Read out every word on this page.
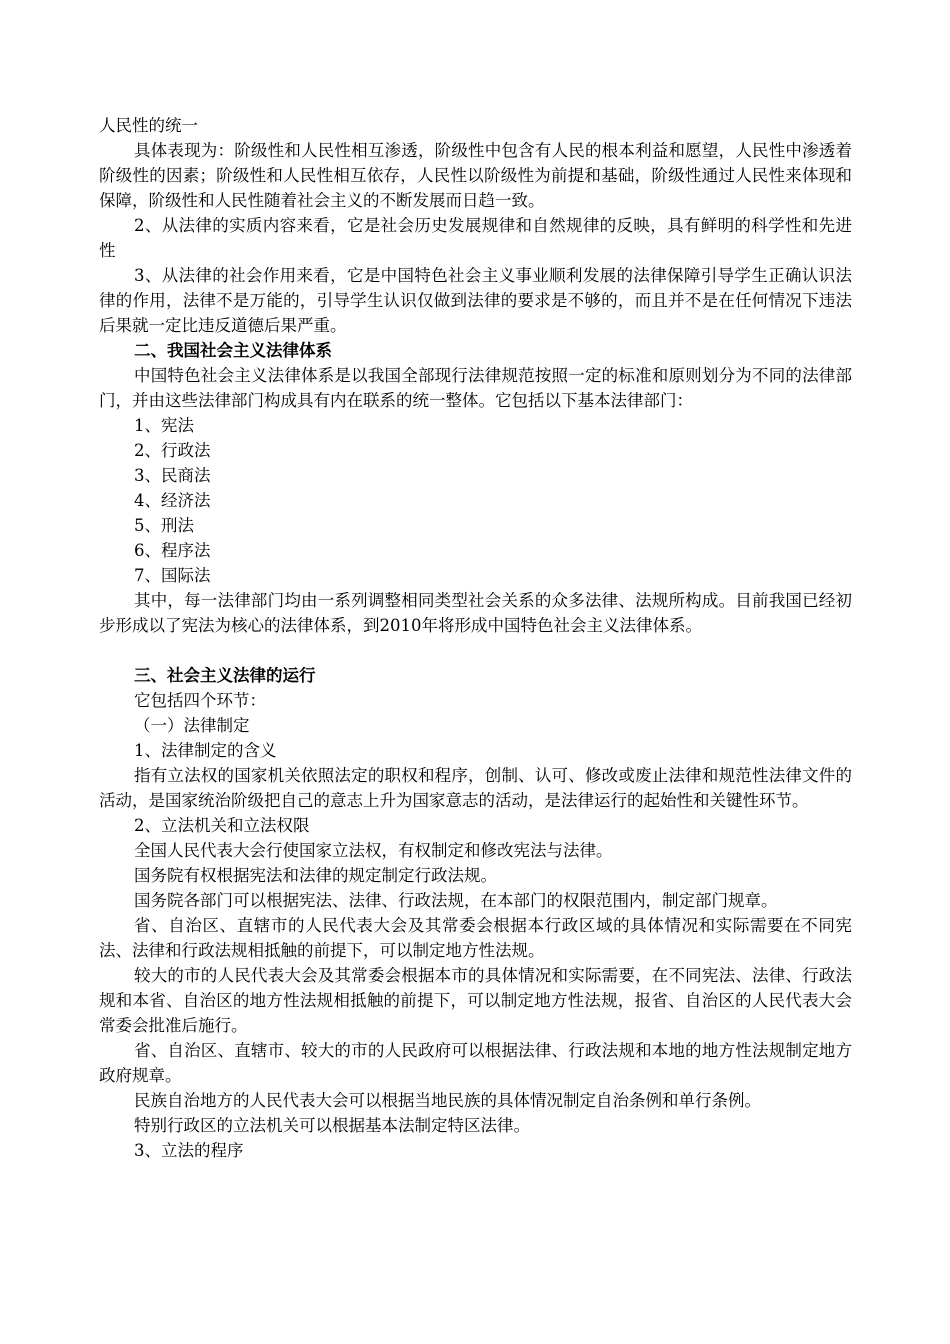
人民性的统一

具体表现为：阶级性和人民性相互渗透，阶级性中包含有人民的根本利益和愿望，人民性中渗透着阶级性的因素；阶级性和人民性相互依存，人民性以阶级性为前提和基础，阶级性通过人民性来体现和保障，阶级性和人民性随着社会主义的不断发展而日趋一致。

2、从法律的实质内容来看，它是社会历史发展规律和自然规律的反映，具有鲜明的科学性和先进性

3、从法律的社会作用来看，它是中国特色社会主义事业顺利发展的法律保障引导学生正确认识法律的作用，法律不是万能的，引导学生认识仅做到法律的要求是不够的，而且并不是在任何情况下违法后果就一定比违反道德后果严重。

二、我国社会主义法律体系

中国特色社会主义法律体系是以我国全部现行法律规范按照一定的标准和原则划分为不同的法律部门，并由这些法律部门构成具有内在联系的统一整体。它包括以下基本法律部门：

1、宪法

2、行政法

3、民商法

4、经济法

5、刑法

6、程序法

7、国际法

其中，每一法律部门均由一系列调整相同类型社会关系的众多法律、法规所构成。目前我国已经初步形成以了宪法为核心的法律体系，到2010年将形成中国特色社会主义法律体系。

三、社会主义法律的运行

它包括四个环节：

（一）法律制定

1、法律制定的含义

指有立法权的国家机关依照法定的职权和程序，创制、认可、修改或废止法律和规范性法律文件的活动，是国家统治阶级把自己的意志上升为国家意志的活动，是法律运行的起始性和关键性环节。

2、立法机关和立法权限

全国人民代表大会行使国家立法权，有权制定和修改宪法与法律。

国务院有权根据宪法和法律的规定制定行政法规。

国务院各部门可以根据宪法、法律、行政法规，在本部门的权限范围内，制定部门规章。

省、自治区、直辖市的人民代表大会及其常委会根据本行政区域的具体情况和实际需要在不同宪法、法律和行政法规相抵触的前提下，可以制定地方性法规。

较大的市的人民代表大会及其常委会根据本市的具体情况和实际需要，在不同宪法、法律、行政法规和本省、自治区的地方性法规相抵触的前提下，可以制定地方性法规，报省、自治区的人民代表大会常委会批准后施行。

省、自治区、直辖市、较大的市的人民政府可以根据法律、行政法规和本地的地方性法规制定地方政府规章。

民族自治地方的人民代表大会可以根据当地民族的具体情况制定自治条例和单行条例。

特别行政区的立法机关可以根据基本法制定特区法律。

3、立法的程序
